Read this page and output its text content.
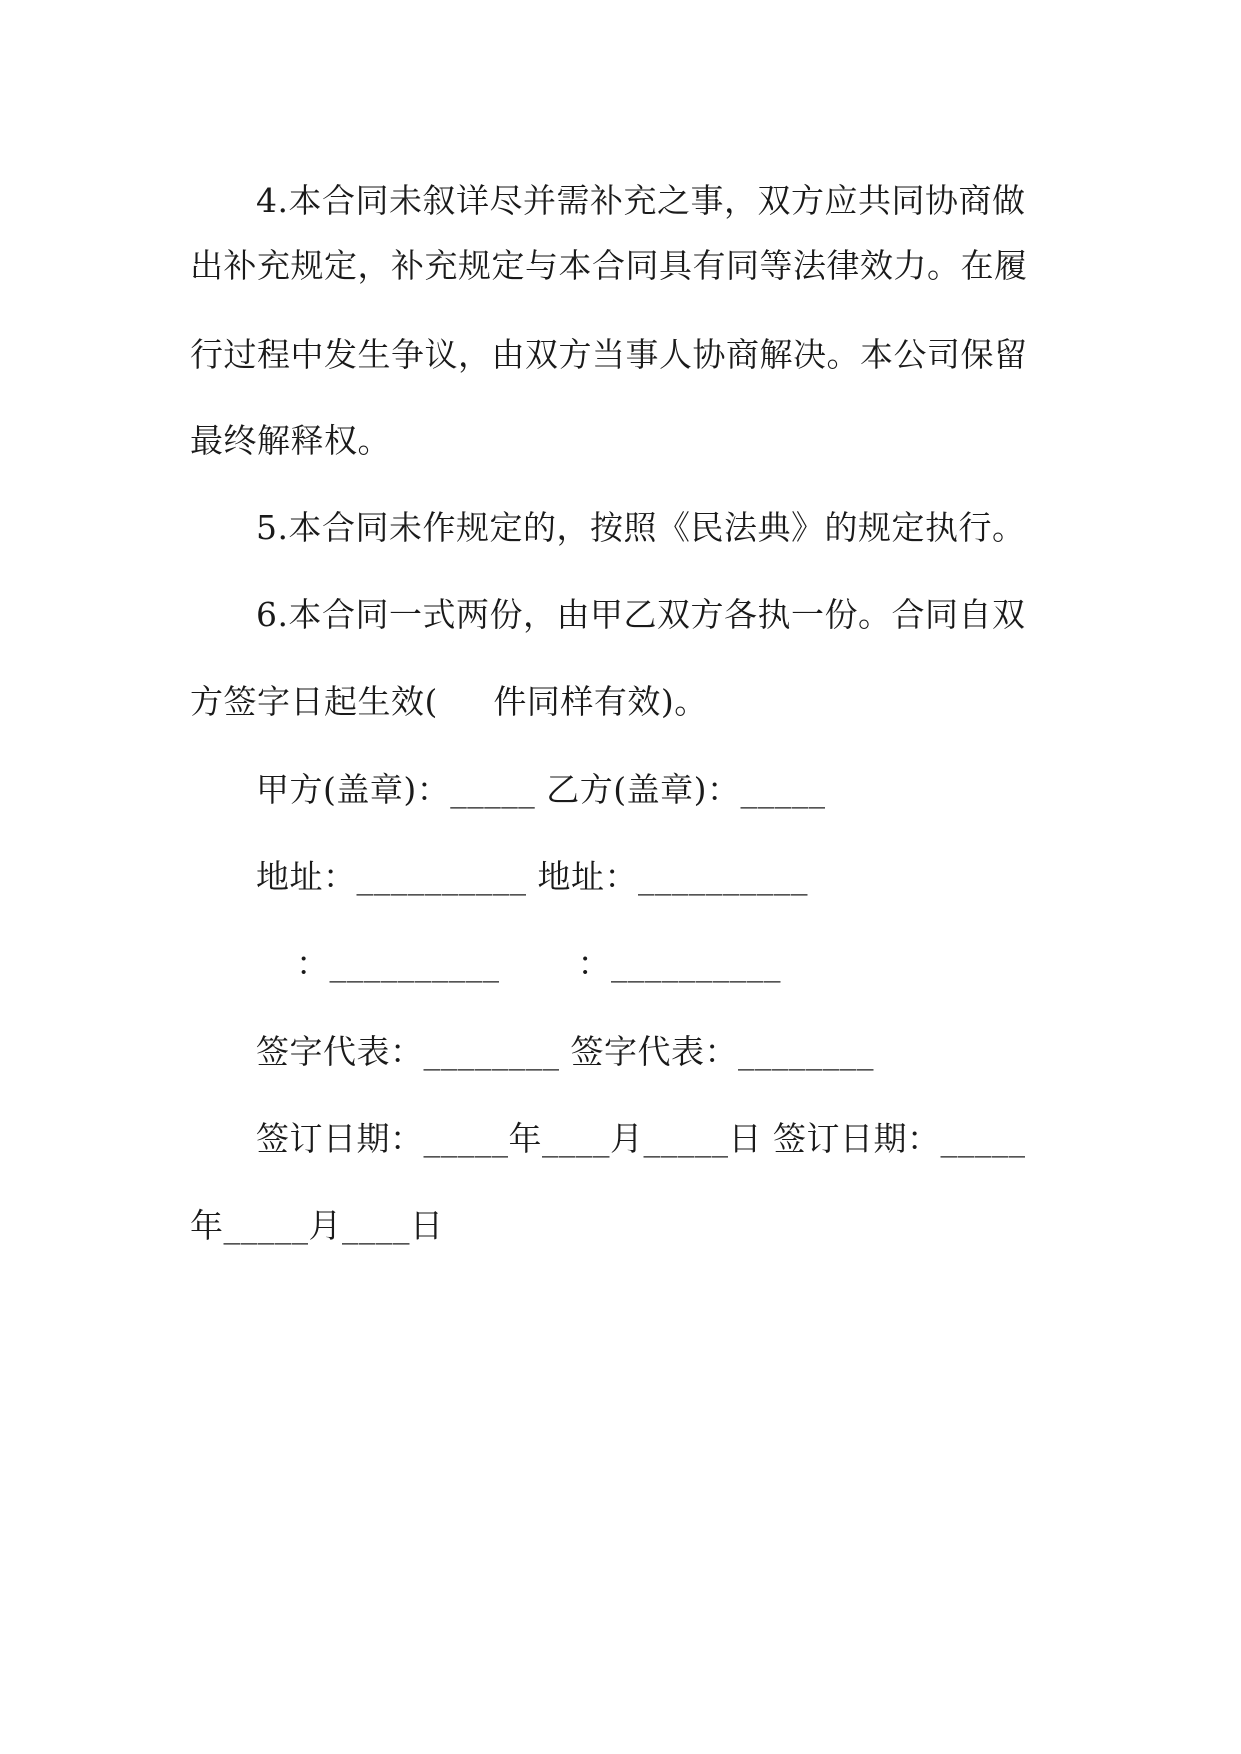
4.本合同未叙详尽并需补充之事，双方应共同协商做
出补充规定，补充规定与本合同具有同等法律效力。在履
行过程中发生争议，由双方当事人协商解决。本公司保留
最终解释权。
5.本合同未作规定的，按照《民法典》的规定执行。
6.本合同一式两份，由甲乙双方各执一份。合同自双
方签字日起生效(　  件同样有效)。
甲方(盖章)：_____ 乙方(盖章)：_____
地址：__________ 地址：__________
：__________　　 ：__________
签字代表：________ 签字代表：________
签订日期：_____年____月_____日 签订日期：_____
年_____月____日
